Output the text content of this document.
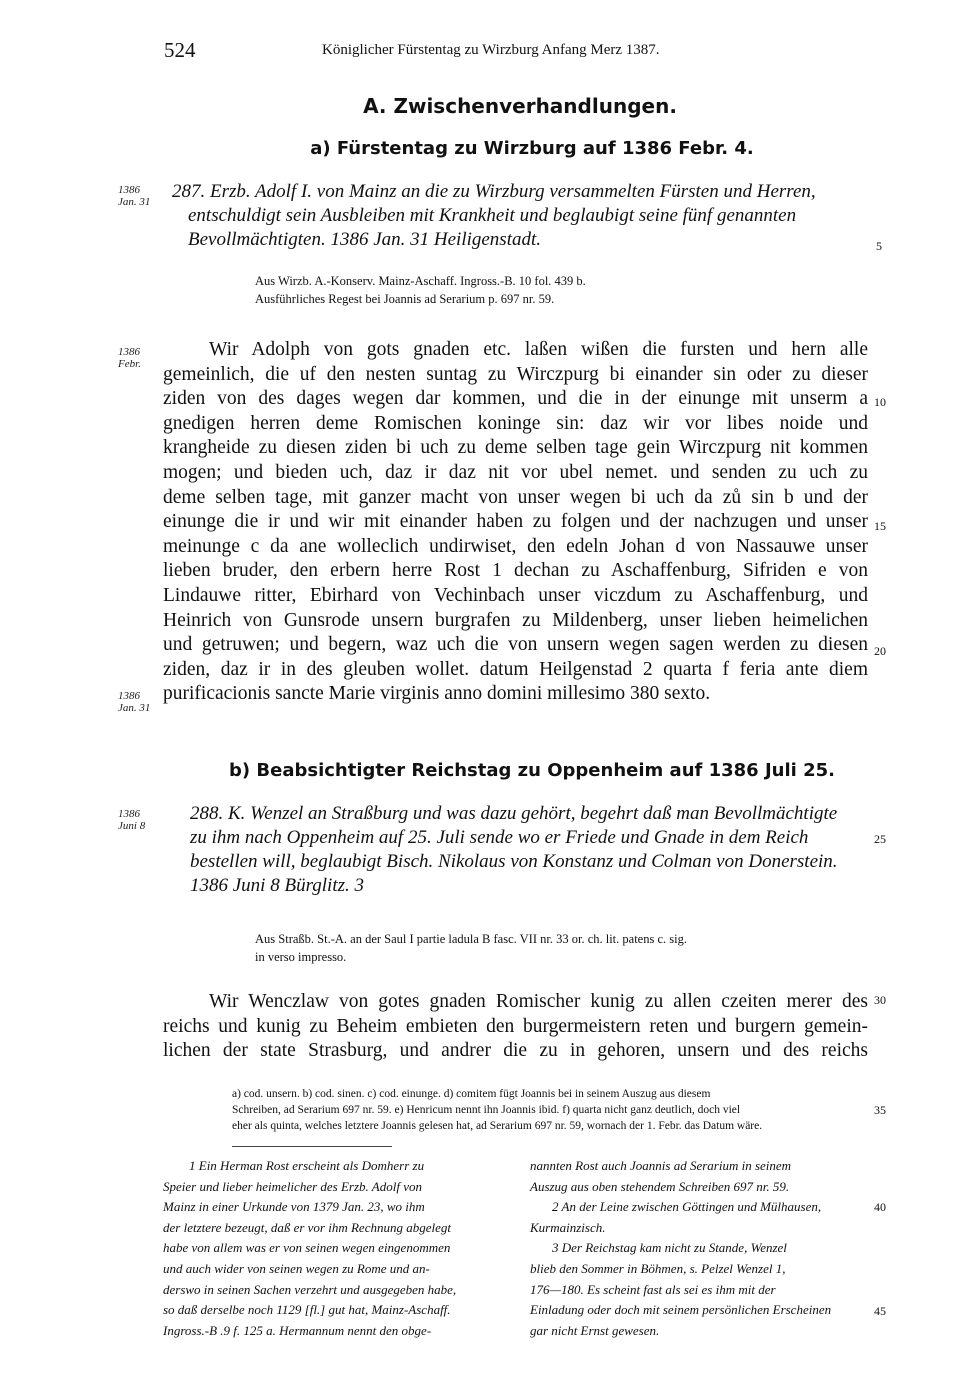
524	Königlicher Fürstentag zu Wirzburg Anfang Merz 1387.
A. Zwischenverhandlungen.
a) Fürstentag zu Wirzburg auf 1386 Febr. 4.
1386
Jan. 31 287. Erzb. Adolf I. von Mainz an die zu Wirzburg versammelten Fürsten und Herren,
entschuldigt sein Ausbleiben mit Krankheit und beglaubigt seine fünf genannten
Bevollmächtigten. 1386 Jan. 31 Heiligenstadt.
Aus Wirzb. A.-Konserv. Mainz-Aschaff. Ingross.-B. 10 fol. 439 b.
Ausführliches Regest bei Joannis ad Serarium p. 697 nr. 59.
1386
Febr.
Wir Adolph von gots gnaden etc. laßen wißen die fursten und hern alle
gemeinlich, die uf den nesten suntag zu Wirczpurg bi einander sin oder zu dieser
ziden von des dages wegen dar kommen, und die in der einunge mit unserm a
gnedigen herren deme Romischen koninge sin: daz wir vor libes noide und
krangheide zu diesen ziden bi uch zu deme selben tage gein Wirczpurg nit kommen
mogen; und bieden uch, daz ir daz nit vor ubel nemet. und senden zu uch zu
deme selben tage, mit ganzer macht von unser wegen bi uch da zů sin b und der
einunge die ir und wir mit einander haben zu folgen und der nachzugen und unser
meinunge c da ane wolleclich undirwiset, den edeln Johan d von Nassauwe unser
lieben bruder, den erbern herre Rost 1 dechan zu Aschaffenburg, Sifriden e von
Lindauwe ritter, Ebirhard von Vechinbach unser viczdum zu Aschaffenburg, und
Heinrich von Gunsrode unsern burgrafen zu Mildenberg, unser lieben heimelichen
und getruwen; und begern, waz uch die von unsern wegen sagen werden zu diesen
ziden, daz ir in des gleuben wollet. datum Heilgenstad 2 quarta f feria ante diem
purificacionis sancte Marie virginis anno domini millesimo 380 sexto.
1386
Jan. 31
b) Beabsichtigter Reichstag zu Oppenheim auf 1386 Juli 25.
1386
Juni 8
288. K. Wenzel an Straßburg und was dazu gehört, begehrt daß man Bevollmächtigte
zu ihm nach Oppenheim auf 25. Juli sende wo er Friede und Gnade in dem Reich
bestellen will, beglaubigt Bisch. Nikolaus von Konstanz und Colman von Donerstein.
1386 Juni 8 Bürglitz. 3
Aus Straßb. St.-A. an der Saul I partie ladula B fasc. VII nr. 33 or. ch. lit. patens c. sig.
in verso impresso.
Wir Wenczlaw von gotes gnaden Romischer kunig zu allen czeiten merer des
reichs und kunig zu Beheim embieten den burgermeistern reten und burgern gemein-
lichen der state Strasburg, und andrer die zu in gehoren, unsern und des reichs
a) cod. unsern. b) cod. sinen. c) cod. einunge. d) comitem fügt Joannis bei in seinem Auszug aus diesem
Schreiben, ad Serarium 697 nr. 59. e) Henricum nennt ihn Joannis ibid. f) quarta nicht ganz deutlich, doch viel
eher als quinta, welches letztere Joannis gelesen hat, ad Serarium 697 nr. 59, wornach der 1. Febr. das Datum wäre.
1 Ein Herman Rost erscheint als Domherr zu
Speier und lieber heimelicher des Erzb. Adolf von
Mainz in einer Urkunde von 1379 Jan. 23, wo ihm
der letztere bezeugt, daß er vor ihm Rechnung abgelegt
habe von allem was er von seinen wegen eingenommen
und auch wider von seinen wegen zu Rome und an-
derswo in seinen Sachen verzehrt und ausgegeben habe,
so daß derselbe noch 1129 [fl.] gut hat, Mainz-Aschaff.
Ingross.-B .9 f. 125 a. Hermannum nennt den obge-
nannten Rost auch Joannis ad Serarium in seinem
Auszug aus oben stehendem Schreiben 697 nr. 59.
2 An der Leine zwischen Göttingen und Mülhausen,
Kurmainzisch.
3 Der Reichstag kam nicht zu Stande, Wenzel
blieb den Sommer in Böhmen, s. Pelzel Wenzel 1,
176—180. Es scheint fast als sei es ihm mit der
Einladung oder doch mit seinem persönlichen Erscheinen
gar nicht Ernst gewesen.
5
10
15
20
25
30
35
40
45
